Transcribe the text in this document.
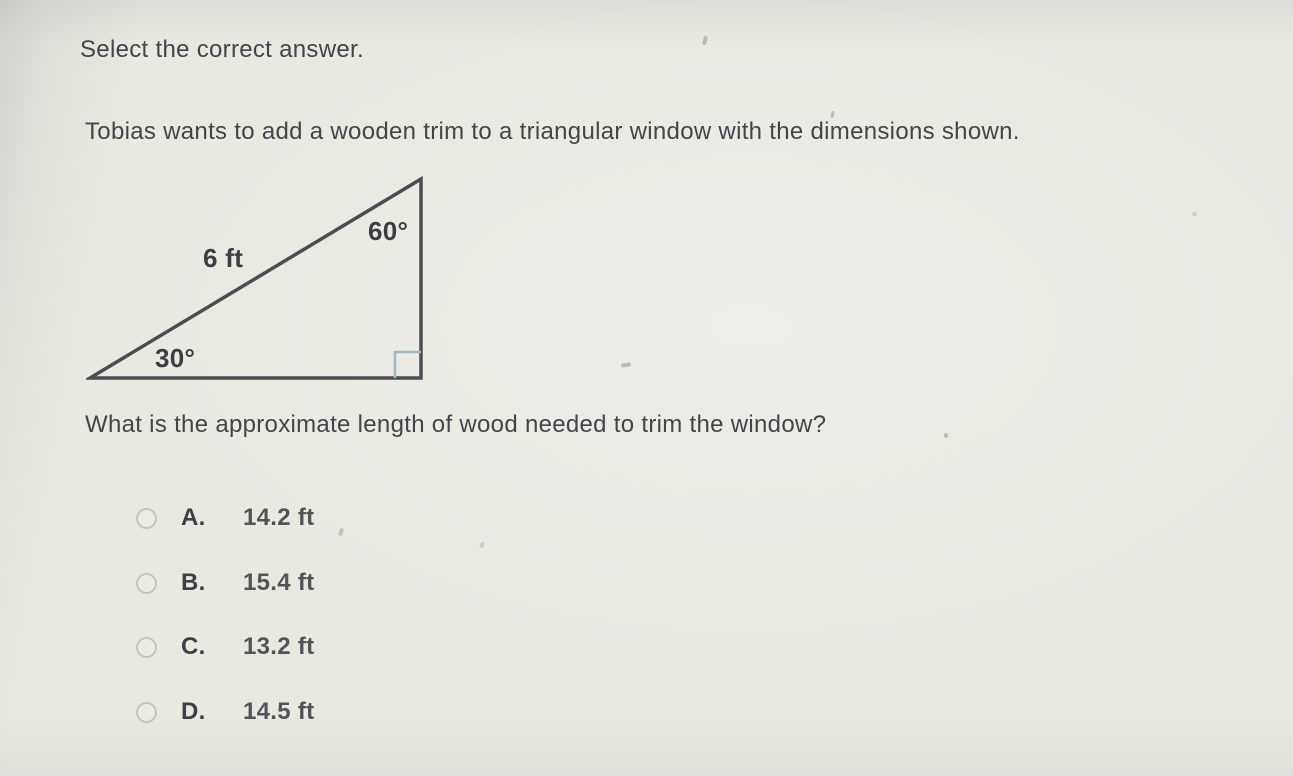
Select the correct answer.
Tobias wants to add a wooden trim to a triangular window with the dimensions shown.
60°
6 ft
30°
What is the approximate length of wood needed to trim the window?
A.	14.2 ft
B.	15.4 ft
C.	13.2 ft
D.	14.5 ft
